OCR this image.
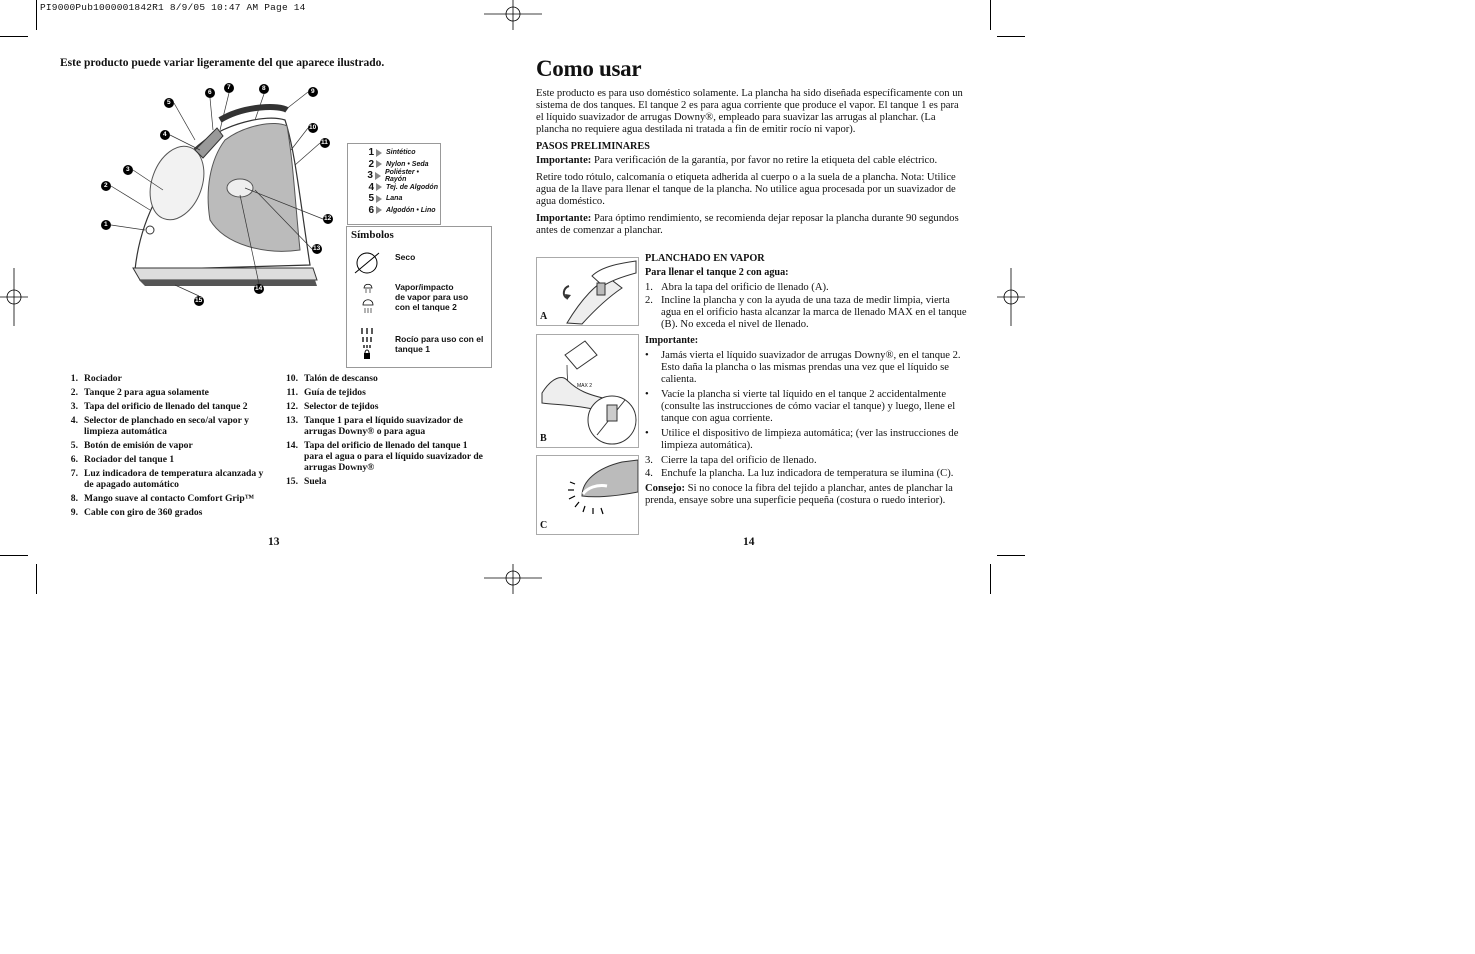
PI9000Pub1000001842R1 8/9/05 10:47 AM Page 14
Este producto puede variar ligeramente del que aparece ilustrado.
1
2
3
4
5
6
7	8	9
10
11
12
13
14
15
1 Sintético
2 Nylon • Seda
3 Poliéster • Rayón
4 Tej. de Algodón
5 Lana
6 Algodón • Lino
Símbolos
Seco
Vapor/impacto
de vapor para uso
con el tanque 2
Rocío para uso con el
tanque 1
1. Rociador
2. Tanque 2 para agua solamente
3. Tapa del orificio de llenado del tanque 2
4. Selector de planchado en seco/al vapor y limpieza automática
5. Botón de emisión de vapor
6. Rociador del tanque 1
7. Luz indicadora de temperatura alcanzada y de apagado automático
8. Mango suave al contacto Comfort Grip™
9. Cable con giro de 360 grados
10. Talón de descanso
11. Guía de tejidos
12. Selector de tejidos
13. Tanque 1 para el líquido suavizador de arrugas Downy® o para agua
14. Tapa del orificio de llenado del tanque 1 para el agua o para el líquido suavizador de arrugas Downy®
15. Suela
13
Como usar
Este producto es para uso doméstico solamente. La plancha ha sido diseñada específicamente con un sistema de dos tanques. El tanque 2 es para agua corriente que produce el vapor. El tanque 1 es para el líquido suavizador de arrugas Downy®, empleado para suavizar las arrugas al planchar. (La plancha no requiere agua destilada ni tratada a fin de emitir rocío ni vapor).
PASOS PRELIMINARES
Importante: Para verificación de la garantía, por favor no retire la etiqueta del cable eléctrico.
Retire todo rótulo, calcomanía o etiqueta adherida al cuerpo o a la suela de a plancha. Nota: Utilice agua de la llave para llenar el tanque de la plancha. No utilice agua procesada por un suavizador de agua doméstico.
Importante: Para óptimo rendimiento, se recomienda dejar reposar la plancha durante 90 segundos antes de comenzar a planchar.
A
MAX 2
B
C
PLANCHADO EN VAPOR
Para llenar el tanque 2 con agua:
1. Abra la tapa del orificio de llenado (A).
2. Incline la plancha y con la ayuda de una taza de medir limpia, vierta agua en el orificio hasta alcanzar la marca de llenado MAX en el tanque (B). No exceda el nivel de llenado.
Importante:
•	Jamás vierta el líquido suavizador de arrugas Downy®, en el tanque 2. Esto daña la plancha o las mismas prendas una vez que el líquido se calienta.
•	Vacíe la plancha si vierte tal líquido en el tanque 2 accidentalmente (consulte las instrucciones de cómo vaciar el tanque) y luego, llene el tanque con agua corriente.
•	Utilice el dispositivo de limpieza automática; (ver las instrucciones de limpieza automática).
3. Cierre la tapa del orificio de llenado.
4. Enchufe la plancha. La luz indicadora de temperatura se ilumina (C).
Consejo: Si no conoce la fibra del tejido a planchar, antes de planchar la prenda, ensaye sobre una superficie pequeña (costura o ruedo interior).
14
